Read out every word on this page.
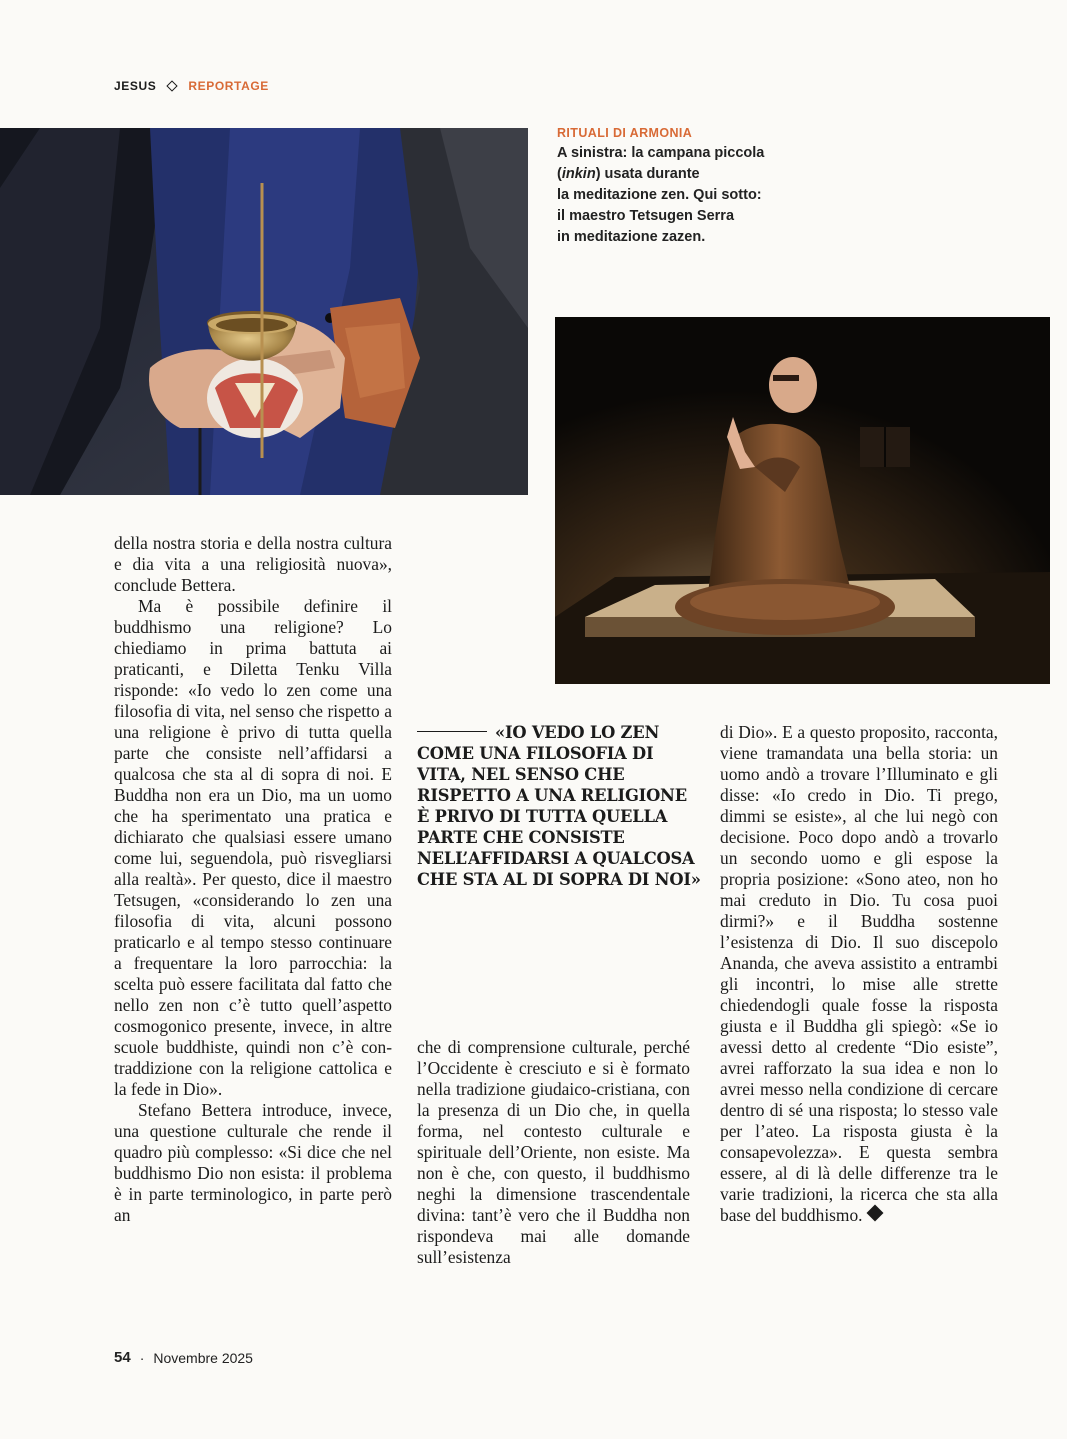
JESUS	REPORTAGE
RITUALI DI ARMONIA
A sinistra: la campana piccola
(inkin) usata durante
la meditazione zen. Qui sotto:
il maestro Tetsugen Serra
in meditazione zazen.

della nostra storia e della nostra cultura e dia vita a una religiosità nuova», conclude Bettera.

Ma è possibile definire il buddhismo una religione? Lo chiediamo in prima battuta ai praticanti, e Diletta Tenku Villa risponde: «Io vedo lo zen come una filosofia di vita, nel senso che rispetto a una religione è privo di tutta quella parte che consiste nell’affidarsi a qualcosa che sta al di sopra di noi. E Buddha non era un Dio, ma un uomo che ha sperimentato una pratica e dichiarato che qualsiasi essere umano come lui, seguendola, può risvegliarsi alla realtà». Per questo, dice il maestro Tetsugen, «considerando lo zen una filosofia di vita, alcuni possono praticarlo e al tempo stesso continuare a frequentare la loro parrocchia: la scelta può essere facilitata dal fatto che nello zen non c’è tutto quell’aspetto cosmogonico presente, invece, in altre scuole buddhiste, quindi non c’è contraddizione con la religione cattolica e la fede in Dio».

Stefano Bettera introduce, invece, una questione culturale che rende il quadro più complesso: «Si dice che nel buddhismo Dio non esista: il problema è in parte terminologico, in parte però an

«IO VEDO LO ZEN COME UNA FILOSOFIA DI VITA, NEL SENSO CHE RISPETTO A UNA RELIGIONE È PRIVO DI TUTTA QUELLA PARTE CHE CONSISTE NELL’AFFIDARSI A QUALCOSA CHE STA AL DI SOPRA DI NOI»

che di comprensione culturale, perché l’Occidente è cresciuto e si è formato nella tradizione giudaico-cristiana, con la presenza di un Dio che, in quella forma, nel contesto culturale e spirituale dell’Oriente, non esiste. Ma non è che, con questo, il buddhismo neghi la dimensione trascendentale divina: tant’è vero che il Buddha non rispondeva mai alle domande sull’esistenza

di Dio». E a questo proposito, racconta, viene tramandata una bella storia: un uomo andò a trovare l’Illuminato e gli disse: «Io credo in Dio. Ti prego, dimmi se esiste», al che lui negò con decisione. Poco dopo andò a trovarlo un secondo uomo e gli espose la propria posizione: «Sono ateo, non ho mai creduto in Dio. Tu cosa puoi dirmi?» e il Buddha sostenne l’esistenza di Dio. Il suo discepolo Ananda, che aveva assistito a entrambi gli incontri, lo mise alle strette chiedendogli quale fosse la risposta giusta e il Buddha gli spiegò: «Se io avessi detto al credente “Dio esiste”, avrei rafforzato la sua idea e non lo avrei messo nella condizione di cercare dentro di sé una risposta; lo stesso vale per l’ateo. La risposta giusta è la consapevolezza». E questa sembra essere, al di là delle differenze tra le varie tradizioni, la ricerca che sta alla base del buddhismo.

54 · Novembre 2025
